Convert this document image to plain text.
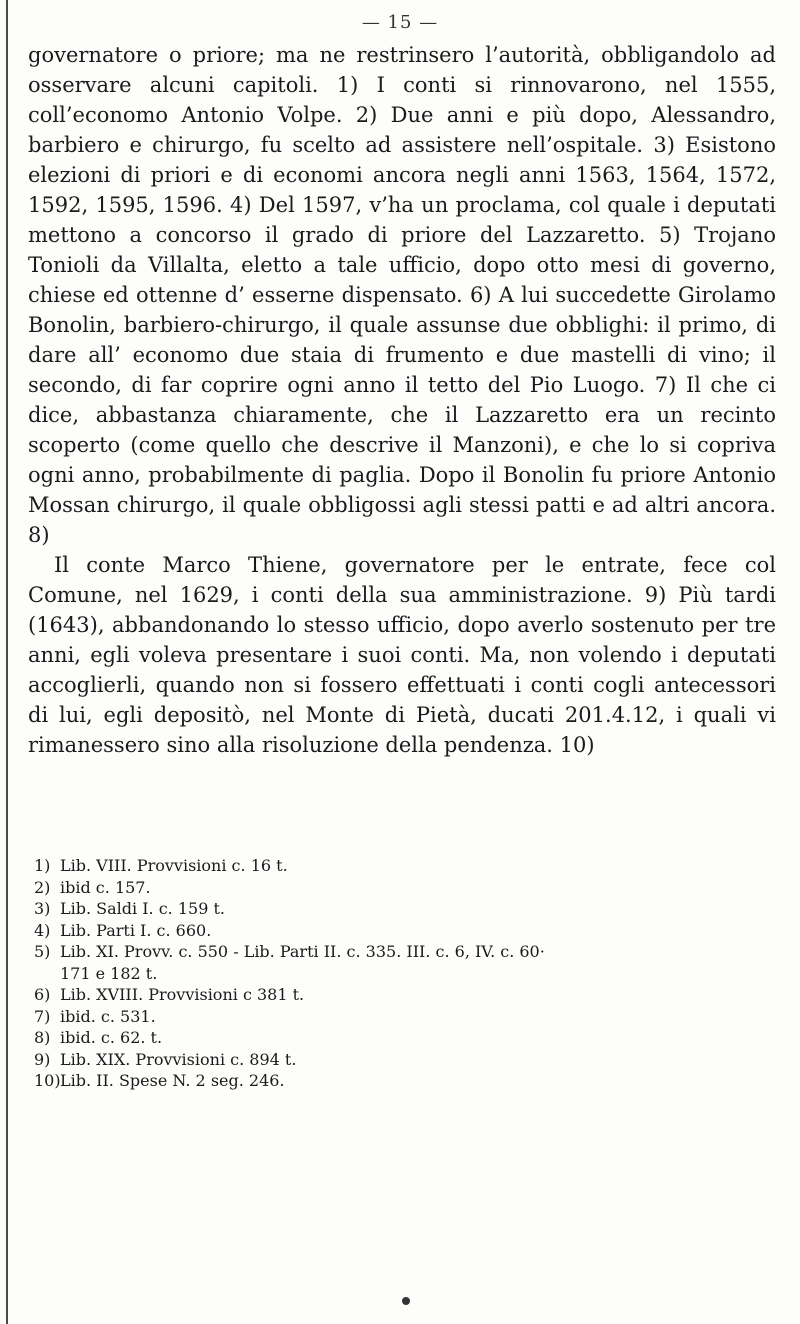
— 15 —

governatore o priore; ma ne restrinsero l’autorità, obbligandolo ad osservare alcuni capitoli. 1) I conti si rinnovarono, nel 1555, coll’economo Antonio Volpe. 2) Due anni e più dopo, Alessandro, barbiero e chirurgo, fu scelto ad assistere nell’ospitale. 3) Esistono elezioni di priori e di economi ancora negli anni 1563, 1564, 1572, 1592, 1595, 1596. 4) Del 1597, v’ha un proclama, col quale i deputati mettono a concorso il grado di priore del Lazzaretto. 5) Trojano Tonioli da Villalta, eletto a tale ufficio, dopo otto mesi di governo, chiese ed ottenne d’ esserne dispensato. 6) A lui succedette Girolamo Bonolin, barbiero-chirurgo, il quale assunse due obblighi: il primo, di dare all’ economo due staia di frumento e due mastelli di vino; il secondo, di far coprire ogni anno il tetto del Pio Luogo. 7) Il che ci dice, abbastanza chiaramente, che il Lazzaretto era un recinto scoperto (come quello che descrive il Manzoni), e che lo si copriva ogni anno, probabilmente di paglia. Dopo il Bonolin fu priore Antonio Mossan chirurgo, il quale obbligossi agli stessi patti e ad altri ancora. 8)

Il conte Marco Thiene, governatore per le entrate, fece col Comune, nel 1629, i conti della sua amministrazione. 9) Più tardi (1643), abbandonando lo stesso ufficio, dopo averlo sostenuto per tre anni, egli voleva presentare i suoi conti. Ma, non volendo i deputati accoglierli, quando non si fossero effettuati i conti cogli antecessori di lui, egli depositò, nel Monte di Pietà, ducati 201.4.12, i quali vi rimanessero sino alla risoluzione della pendenza. 10)

1) Lib. VIII. Provvisioni c. 16 t.
2) ibid c. 157.
3) Lib. Saldi I. c. 159 t.
4) Lib. Parti I. c. 660.
5) Lib. XI. Provv. c. 550 - Lib. Parti II. c. 335. III. c. 6, IV. c. 60·
171 e 182 t.
6) Lib. XVIII. Provvisioni c 381 t.
7) ibid. c. 531.
8) ibid. c. 62. t.
9) Lib. XIX. Provvisioni c. 894 t.
10)Lib. II. Spese N. 2 seg. 246.
